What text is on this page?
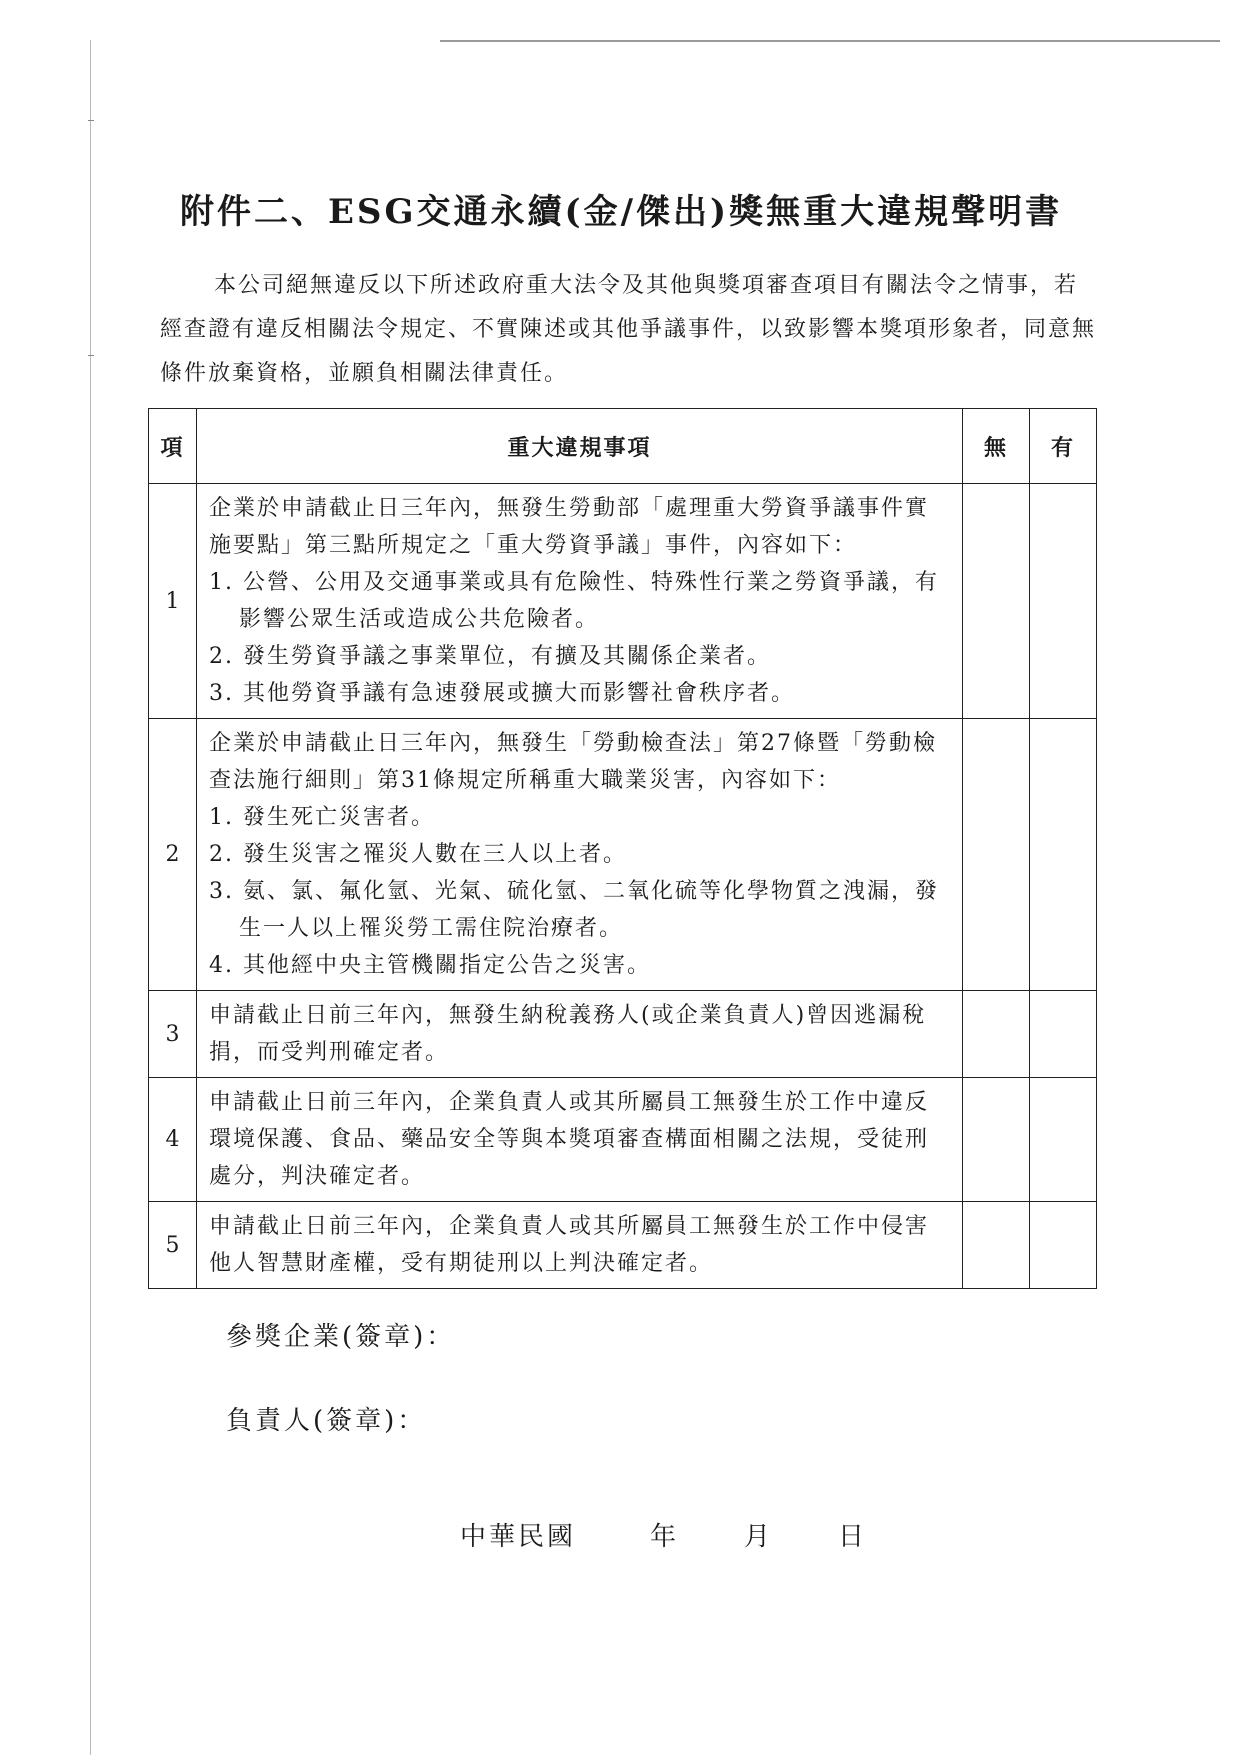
附件二、ESG交通永續(金/傑出)獎無重大違規聲明書

本公司絕無違反以下所述政府重大法令及其他與獎項審查項目有關法令之情事，若經查證有違反相關法令規定、不實陳述或其他爭議事件，以致影響本獎項形象者，同意無條件放棄資格，並願負相關法律責任。

項	重大違規事項	無	有
1	企業於申請截止日三年內，無發生勞動部「處理重大勞資爭議事件實施要點」第三點所規定之「重大勞資爭議」事件，內容如下：
1. 公營、公用及交通事業或具有危險性、特殊性行業之勞資爭議，有影響公眾生活或造成公共危險者。
2. 發生勞資爭議之事業單位，有擴及其關係企業者。
3. 其他勞資爭議有急速發展或擴大而影響社會秩序者。		

2	企業於申請截止日三年內，無發生「勞動檢查法」第27條暨「勞動檢查法施行細則」第31條規定所稱重大職業災害，內容如下：
1. 發生死亡災害者。
2. 發生災害之罹災人數在三人以上者。
3. 氨、氯、氟化氫、光氣、硫化氫、二氧化硫等化學物質之洩漏，發生一人以上罹災勞工需住院治療者。
4. 其他經中央主管機關指定公告之災害。		

3	申請截止日前三年內，無發生納稅義務人(或企業負責人)曾因逃漏稅捐，而受判刑確定者。		

4	申請截止日前三年內，企業負責人或其所屬員工無發生於工作中違反環境保護、食品、藥品安全等與本獎項審查構面相關之法規，受徒刑處分，判決確定者。		

5	申請截止日前三年內，企業負責人或其所屬員工無發生於工作中侵害他人智慧財產權，受有期徒刑以上判決確定者。		

參獎企業(簽章)：
負責人(簽章)：
中華民國	年	月	日
